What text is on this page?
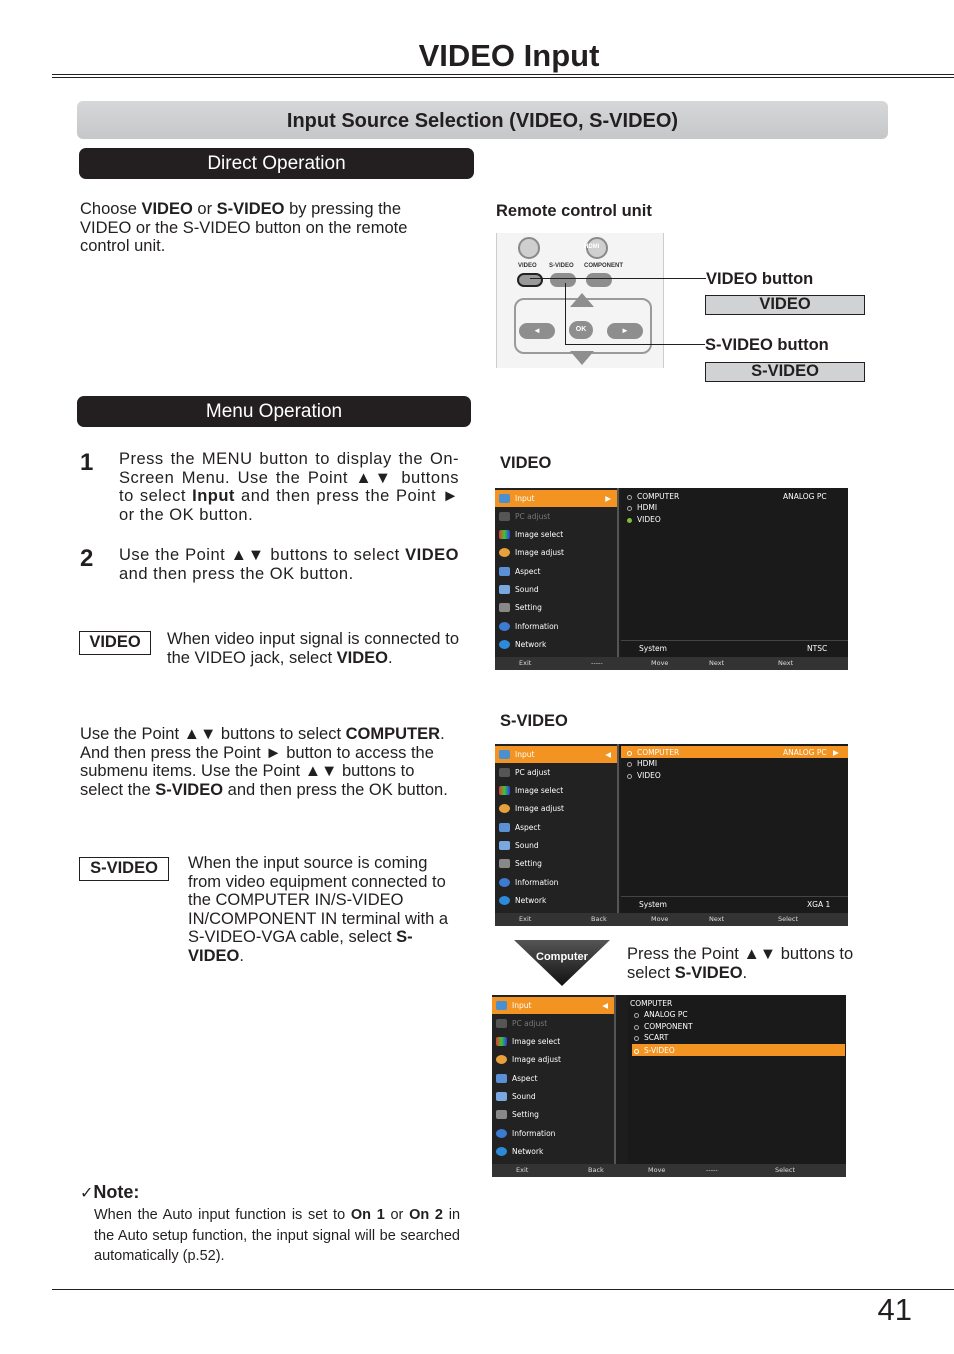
VIDEO Input
Input Source Selection (VIDEO, S-VIDEO)
Direct Operation
Choose VIDEO or S-VIDEO by pressing the VIDEO or the S-VIDEO button on the remote control unit.
Remote control unit
HDMI
VIDEO S-VIDEO COMPONENT
◄	OK	►
VIDEO button
VIDEO
S-VIDEO button
S-VIDEO
Menu Operation
1 Press the MENU button to display the On-Screen Menu. Use the Point ▲▼ buttons to select Input and then press the Point ► or the OK button.
2 Use the Point ▲▼ buttons to select VIDEO and then press the OK button.
VIDEO	When video input signal is connected to the VIDEO jack, select VIDEO.
Use the Point ▲▼ buttons to select COMPUTER. And then press the Point ► button to access the submenu items. Use the Point ▲▼ buttons to select the S-VIDEO and then press the OK button.
S-VIDEO	When the input source is coming from video equipment connected to the COMPUTER IN/S-VIDEO IN/COMPONENT IN terminal with a S-VIDEO-VGA cable, select S-VIDEO.
VIDEO
S-VIDEO
Input	▶
PC adjust
Image select
Image adjust
Aspect
Sound
Setting
Information
Network
COMPUTER
HDMI
VIDEO
ANALOG PC
System	NTSC
Exit	-----	Move	Next	Next
Input	◀
PC adjust
Image select
Image adjust
Aspect
Sound
Setting
Information
Network
COMPUTER	ANALOG PC ▶
HDMI
VIDEO
System	XGA 1
Exit	Back	Move	Next	Select
Computer	Press the Point ▲▼ buttons to select S-VIDEO.
Input	◀
PC adjust
Image select
Image adjust
Aspect
Sound
Setting
Information
Network
COMPUTER
ANALOG PC
COMPONENT
SCART
S-VIDEO
Exit	Back	Move	-----	Select
✓Note:
When the Auto input function is set to On 1 or On 2 in the Auto setup function, the input signal will be searched automatically (p.52).
41
